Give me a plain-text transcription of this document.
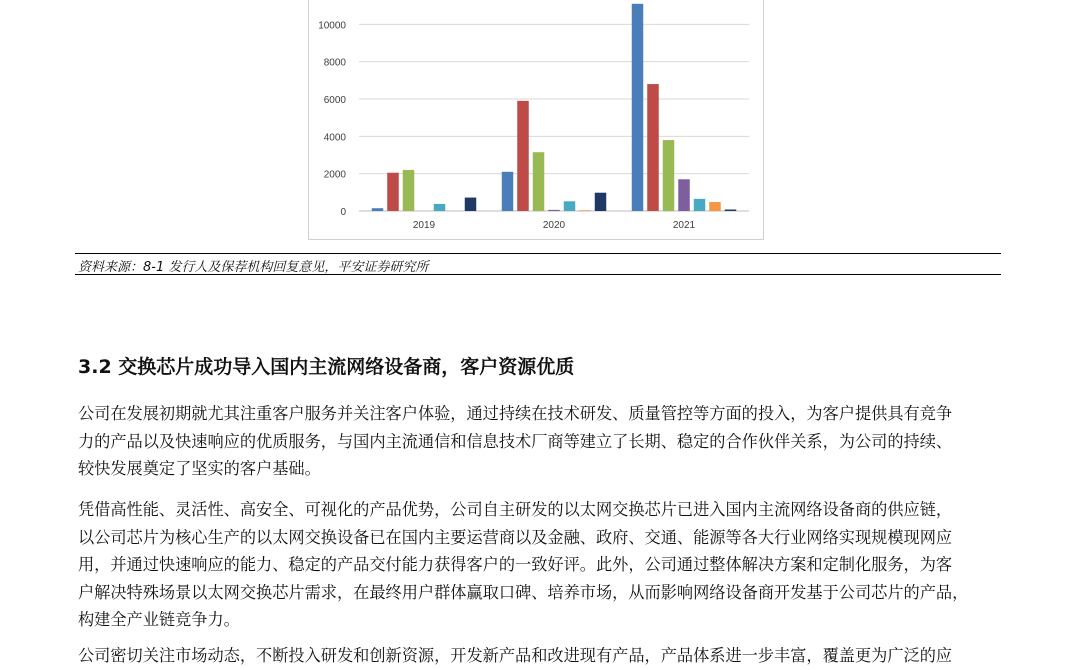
0
2000
4000
6000
8000
10000
2019	2020	2021
资料来源：8-1 发行人及保荐机构回复意见，平安证券研究所
3.2 交换芯片成功导入国内主流网络设备商，客户资源优质
公司在发展初期就尤其注重客户服务并关注客户体验，通过持续在技术研发、质量管控等方面的投入，为客户提供具有竞争
力的产品以及快速响应的优质服务，与国内主流通信和信息技术厂商等建立了长期、稳定的合作伙伴关系，为公司的持续、
较快发展奠定了坚实的客户基础。
凭借高性能、灵活性、高安全、可视化的产品优势，公司自主研发的以太网交换芯片已进入国内主流网络设备商的供应链，
以公司芯片为核心生产的以太网交换设备已在国内主要运营商以及金融、政府、交通、能源等各大行业网络实现规模现网应
用，并通过快速响应的能力、稳定的产品交付能力获得客户的一致好评。此外，公司通过整体解决方案和定制化服务，为客
户解决特殊场景以太网交换芯片需求，在最终用户群体赢取口碑、培养市场，从而影响网络设备商开发基于公司芯片的产品，
构建全产业链竞争力。
公司密切关注市场动态，不断投入研发和创新资源，开发新产品和改进现有产品，产品体系进一步丰富，覆盖更为广泛的应
